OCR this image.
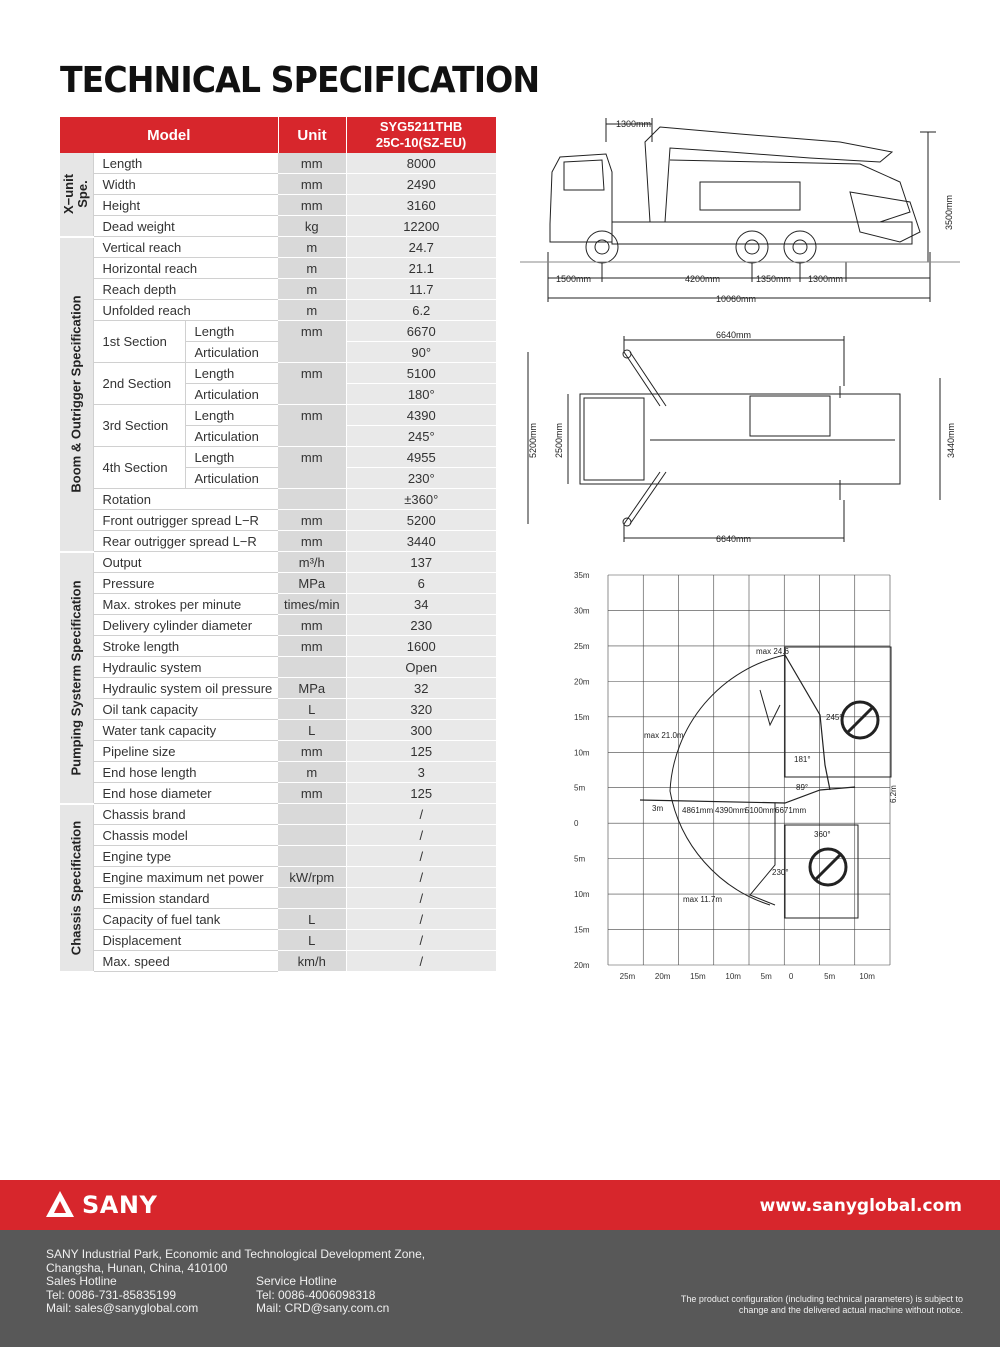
TECHNICAL SPECIFICATION
Model			Unit	SYG5211THB
25C-10(SZ-EU)

X−unit Spe.	Length		mm	8000
	Width		mm	2490
	Height		mm	3160
	Dead weight		kg	12200

Boom & Outrigger Specification	Vertical reach		m	24.7
	Horizontal reach		m	21.1
	Reach depth		m	11.7
	Unfolded reach		m	6.2
	1st Section	Length	mm	6670
		Articulation		90°
	2nd Section	Length	mm	5100
		Articulation		180°
	3rd Section	Length	mm	4390
		Articulation		245°
	4th Section	Length	mm	4955
		Articulation		230°
	Rotation			±360°
	Front outrigger spread L−R		mm	5200
	Rear outrigger spread L−R		mm	3440

Pumping Systerm Specification	Output		m³/h	137
	Pressure		MPa	6
	Max. strokes per minute		times/min	34
	Delivery cylinder diameter		mm	230
	Stroke length		mm	1600
	Hydraulic system			Open
	Hydraulic system oil pressure		MPa	32
	Oil tank capacity		L	320
	Water tank capacity		L	300
	Pipeline size		mm	125
	End hose length		m	3
	End hose diameter		mm	125

Chassis Specification	Chassis brand			/
	Chassis model			/
	Engine type			/
	Engine maximum net power		kW/rpm	/
	Emission standard			/
	Capacity of fuel tank		L	/
	Displacement		L	/
	Max. speed		km/h	/
1300mm
3500mm
1500mm	4200mm	1350mm 1300mm
10060mm
6640mm
6640mm
5200mm 2500mm	3440mm
35m
30m
25m
20m
15m
10m
5m
0
5m
10m
15m
20m
25m 20m 15m 10m 5m 0	5m	10m
max 24.6
max 21.0m
max 11.7m
3m 4861mm 4390mm
5100mm
6671mm
6.2m
245°
181°
89°
230°
360°
SANY	www.sanyglobal.com
SANY Industrial Park, Economic and Technological Development Zone,
Changsha, Hunan, China, 410100
Sales Hotline
Tel: 0086-731-85835199
Mail: sales@sanyglobal.com
Service Hotline
Tel: 0086-4006098318
Mail: CRD@sany.com.cn
The product configuration (including technical parameters) is subject to
change and the delivered actual machine without notice.
